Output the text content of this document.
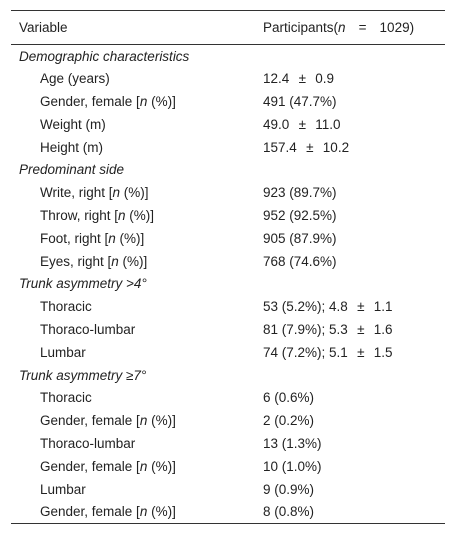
Variable	Participants(n = 1029)
Demographic characteristics	
Age (years)	12.4 ± 0.9
Gender, female [n (%)]	491 (47.7%)
Weight (m)	49.0 ± 11.0
Height (m)	157.4 ± 10.2
Predominant side	
Write, right [n (%)]	923 (89.7%)
Throw, right [n (%)]	952 (92.5%)
Foot, right [n (%)]	905 (87.9%)
Eyes, right [n (%)]	768 (74.6%)
Trunk asymmetry >4°	
Thoracic	53 (5.2%); 4.8 ± 1.1
Thoraco-lumbar	81 (7.9%); 5.3 ± 1.6
Lumbar	74 (7.2%); 5.1 ± 1.5
Trunk asymmetry ≥7°	
Thoracic	6 (0.6%)
Gender, female [n (%)]	2 (0.2%)
Thoraco-lumbar	13 (1.3%)
Gender, female [n (%)]	10 (1.0%)
Lumbar	9 (0.9%)
Gender, female [n (%)]	8 (0.8%)
